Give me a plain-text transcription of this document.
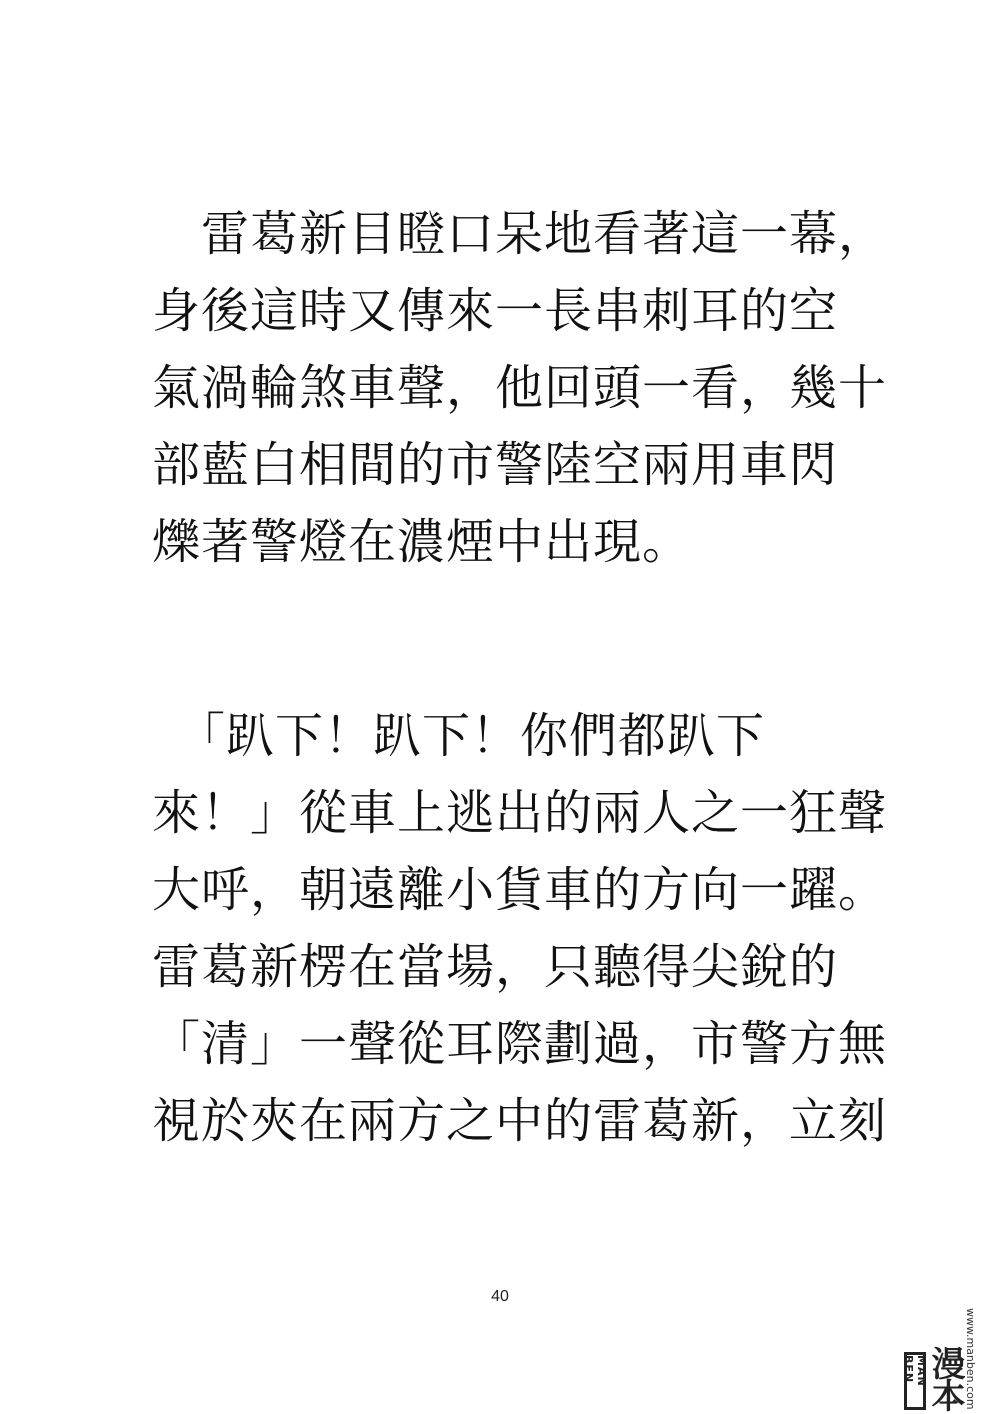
　雷葛新目瞪口呆地看著這一幕，
身後這時又傳來一長串刺耳的空
氣渦輪煞車聲，他回頭一看，幾十
部藍白相間的市警陸空兩用車閃
爍著警燈在濃煙中出現。
　「趴下！趴下！你們都趴下
來！」從車上逃出的兩人之一狂聲
大呼，朝遠離小貨車的方向一躍。
雷葛新楞在當場，只聽得尖銳的
「清」一聲從耳際劃過，市警方無
視於夾在兩方之中的雷葛新，立刻
40
MAN BEN 漫本 www.manben.com
